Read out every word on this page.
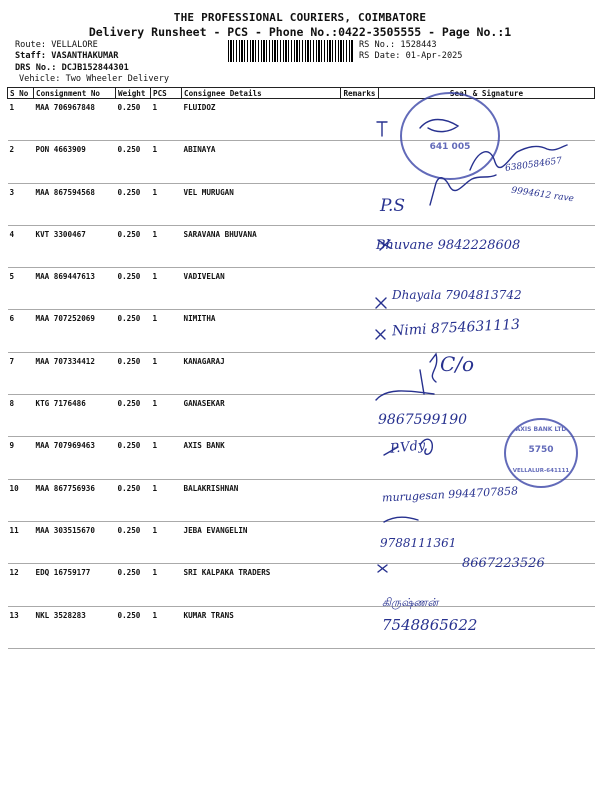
THE PROFESSIONAL COURIERS, COIMBATORE
Delivery Runsheet - PCS - Phone No.:0422-3505555 - Page No.:1
Route: VELLALORE
Staff: VASANTHAKUMAR
DRS No.: DCJB152844301
Vehicle: Two Wheeler Delivery
RS No.: 1528443
RS Date: 01-Apr-2025
S No	Consignment No	Weight	PCS	Consignee Details	Remarks	Seal & Signature
1	MAA 706967848	0.250	1	FLUIDOZ		
2	PON 4663909	0.250	1	ABINAYA		
3	MAA 867594568	0.250	1	VEL MURUGAN		
4	KVT 3300467	0.250	1	SARAVANA BHUVANA		
5	MAA 869447613	0.250	1	VADIVELAN		
6	MAA 707252069	0.250	1	NIMITHA		
7	MAA 707334412	0.250	1	KANAGARAJ		
8	KTG 7176486	0.250	1	GANASEKAR		
9	MAA 707969463	0.250	1	AXIS BANK		
10	MAA 867756936	0.250	1	BALAKRISHNAN		
11	MAA 303515670	0.250	1	JEBA EVANGELIN		
12	EDQ 16759177	0.250	1	SRI KALPAKA TRADERS		
13	NKL 3528283	0.250	1	KUMAR TRANS		
641 005
AXIS BANK LTD
5750
VELLALUR-641111
6380584657
9994612 rave
P.S
Bhuvane 9842228608
Dhayala 7904813742
Nimi 8754631113
C/o
9867599190
P.Vdy
murugesan 9944707858
9788111361
8667223526
கிருஷ்ணன்
7548865622
